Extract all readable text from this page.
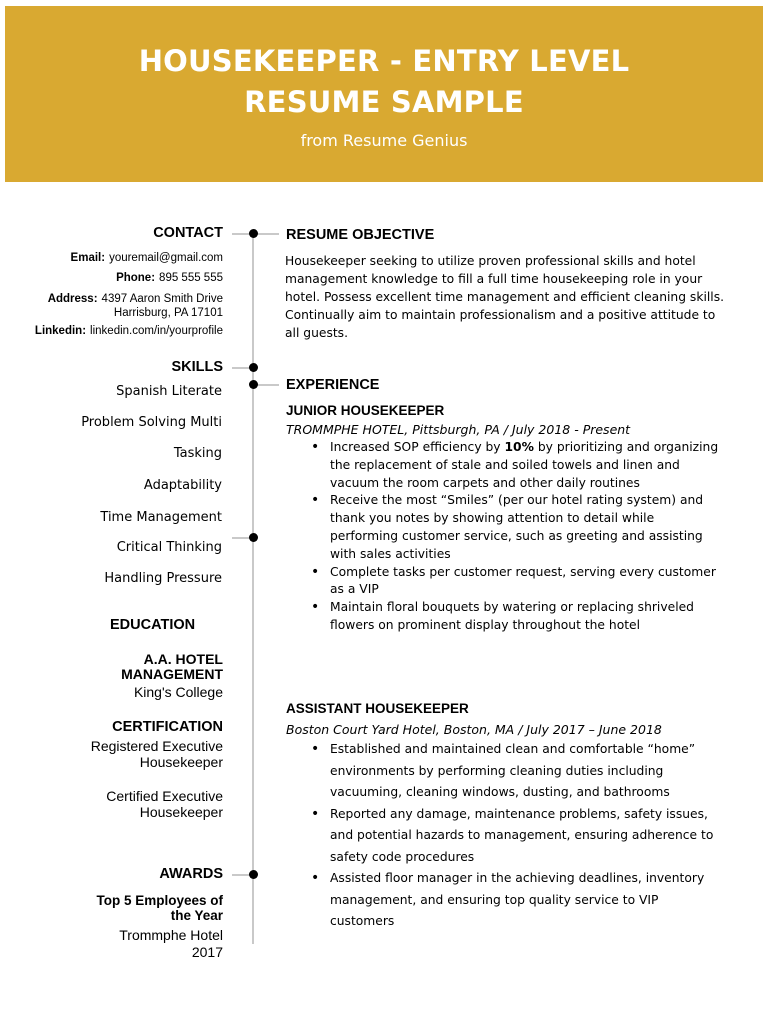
HOUSEKEEPER - ENTRY LEVEL
RESUME SAMPLE
from Resume Genius
CONTACT
Email: youremail@gmail.com
Phone: 895 555 555
Address: 4397 Aaron Smith Drive
Harrisburg, PA 17101
Linkedin: linkedin.com/in/yourprofile
SKILLS
Spanish Literate
Problem Solving Multi
Tasking
Adaptability
Time Management
Critical Thinking
Handling Pressure
EDUCATION
A.A. HOTEL
MANAGEMENT
King's College
CERTIFICATION
Registered Executive
Housekeeper
Certified Executive
Housekeeper
AWARDS
Top 5 Employees of
the Year
Trommphe Hotel
2017
RESUME OBJECTIVE
Housekeeper seeking to utilize proven professional skills and hotel management knowledge to fill a full time housekeeping role in your hotel. Possess excellent time management and efficient cleaning skills. Continually aim to maintain professionalism and a positive attitude to all guests.
EXPERIENCE
JUNIOR HOUSEKEEPER
TROMMPHE HOTEL, Pittsburgh, PA / July 2018 - Present
• Increased SOP efficiency by 10% by prioritizing and organizing the replacement of stale and soiled towels and linen and vacuum the room carpets and other daily routines
• Receive the most “Smiles” (per our hotel rating system) and thank you notes by showing attention to detail while performing customer service, such as greeting and assisting with sales activities
• Complete tasks per customer request, serving every customer as a VIP
• Maintain floral bouquets by watering or replacing shriveled flowers on prominent display throughout the hotel
ASSISTANT HOUSEKEEPER
Boston Court Yard Hotel, Boston, MA / July 2017 – June 2018
• Established and maintained clean and comfortable “home” environments by performing cleaning duties including vacuuming, cleaning windows, dusting, and bathrooms
• Reported any damage, maintenance problems, safety issues, and potential hazards to management, ensuring adherence to safety code procedures
• Assisted floor manager in the achieving deadlines, inventory management, and ensuring top quality service to VIP customers
